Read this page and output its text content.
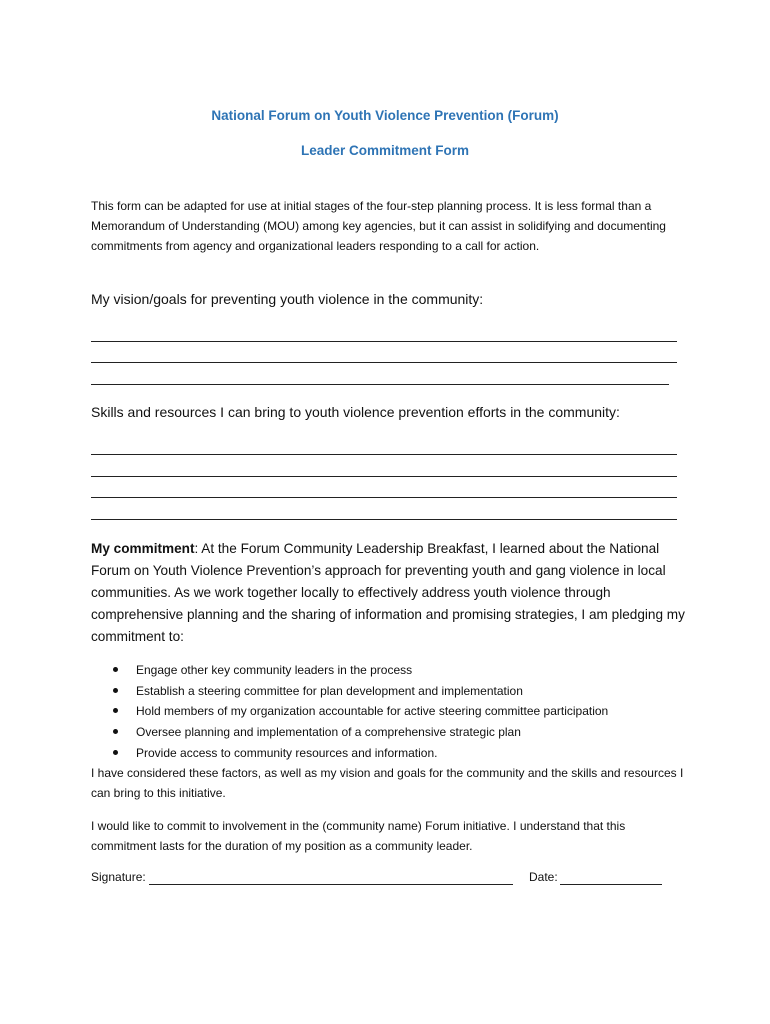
National Forum on Youth Violence Prevention (Forum)
Leader Commitment Form
This form can be adapted for use at initial stages of the four-step planning process. It is less formal than a Memorandum of Understanding (MOU) among key agencies, but it can assist in solidifying and documenting commitments from agency and organizational leaders responding to a call for action.
My vision/goals for preventing youth violence in the community:
Skills and resources I can bring to youth violence prevention efforts in the community:
My commitment: At the Forum Community Leadership Breakfast, I learned about the National Forum on Youth Violence Prevention’s approach for preventing youth and gang violence in local communities. As we work together locally to effectively address youth violence through comprehensive planning and the sharing of information and promising strategies, I am pledging my commitment to:
Engage other key community leaders in the process
Establish a steering committee for plan development and implementation
Hold members of my organization accountable for active steering committee participation
Oversee planning and implementation of a comprehensive strategic plan
Provide access to community resources and information.
I have considered these factors, as well as my vision and goals for the community and the skills and resources I can bring to this initiative.
I would like to commit to involvement in the (community name) Forum initiative. I understand that this commitment lasts for the duration of my position as a community leader.
Signature:	Date:
